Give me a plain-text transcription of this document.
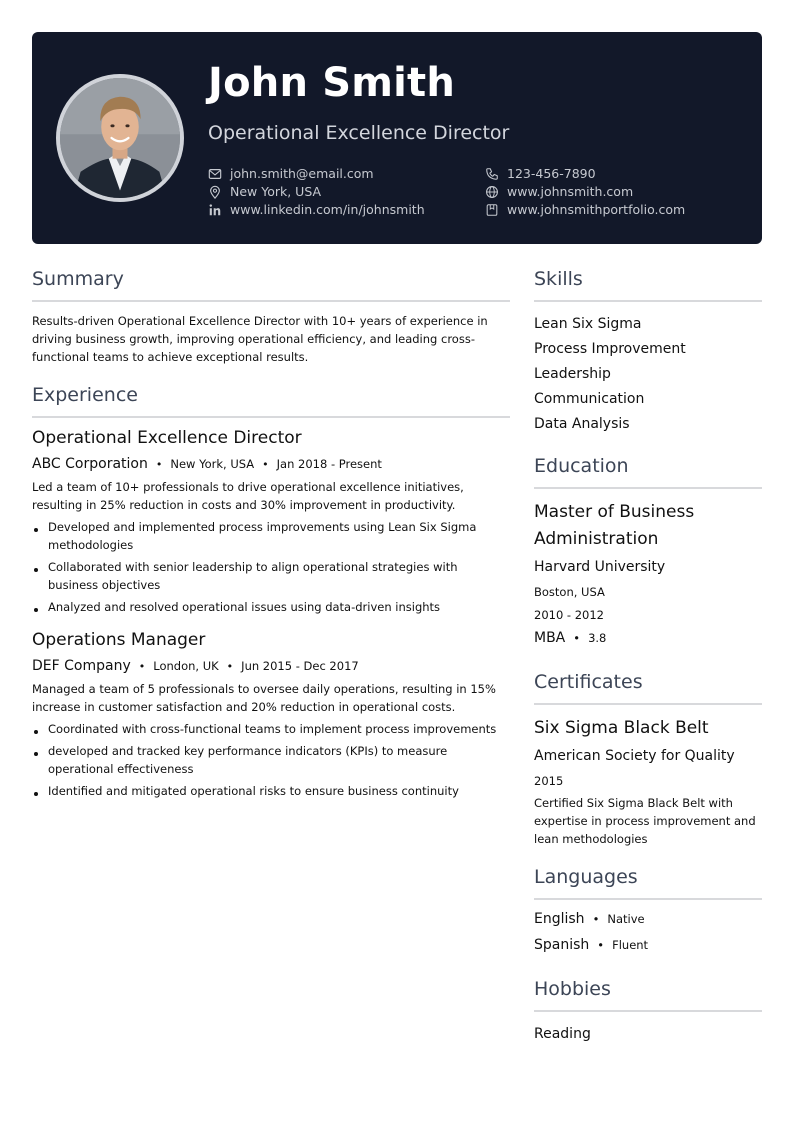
John Smith
Operational Excellence Director
john.smith@email.com	123-456-7890
New York, USA	www.johnsmith.com
www.linkedin.com/in/johnsmith	www.johnsmithportfolio.com
Summary
Results-driven Operational Excellence Director with 10+ years of experience in driving business growth, improving operational efficiency, and leading cross-functional teams to achieve exceptional results.
Experience
Operational Excellence Director
ABC Corporation • New York, USA • Jan 2018 - Present
Led a team of 10+ professionals to drive operational excellence initiatives, resulting in 25% reduction in costs and 30% improvement in productivity.
Developed and implemented process improvements using Lean Six Sigma methodologies
Collaborated with senior leadership to align operational strategies with business objectives
Analyzed and resolved operational issues using data-driven insights
Operations Manager
DEF Company • London, UK • Jun 2015 - Dec 2017
Managed a team of 5 professionals to oversee daily operations, resulting in 15% increase in customer satisfaction and 20% reduction in operational costs.
Coordinated with cross-functional teams to implement process improvements
developed and tracked key performance indicators (KPIs) to measure operational effectiveness
Identified and mitigated operational risks to ensure business continuity
Skills
Lean Six Sigma
Process Improvement
Leadership
Communication
Data Analysis
Education
Master of Business Administration
Harvard University
Boston, USA
2010 - 2012
MBA • 3.8
Certificates
Six Sigma Black Belt
American Society for Quality
2015
Certified Six Sigma Black Belt with expertise in process improvement and lean methodologies
Languages
English • Native
Spanish • Fluent
Hobbies
Reading
